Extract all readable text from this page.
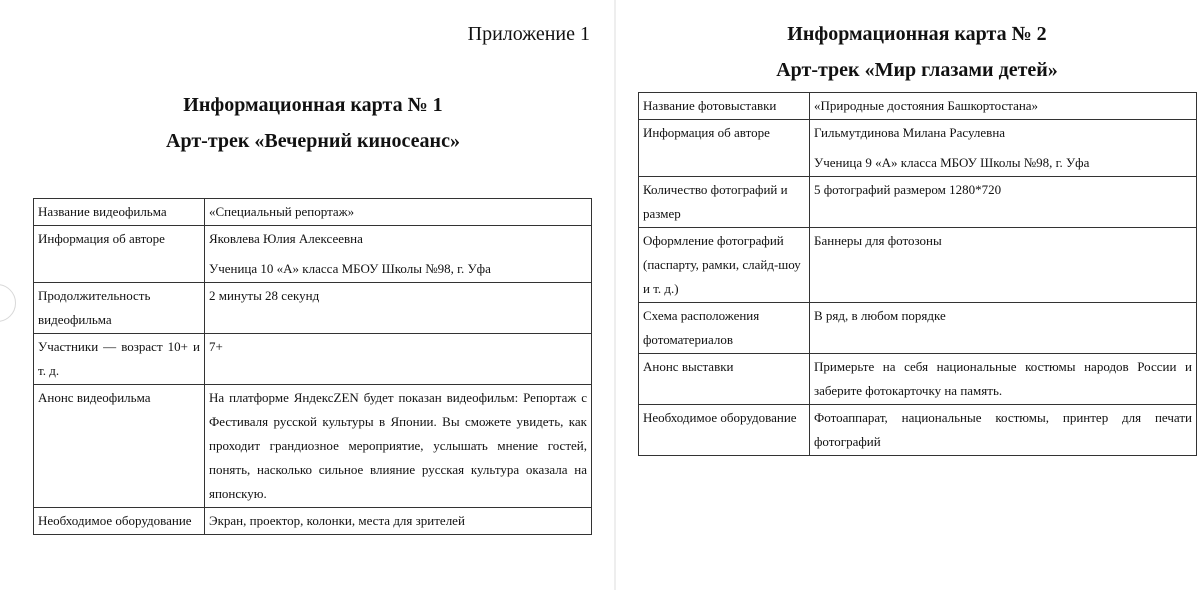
Приложение 1
Информационная карта № 1
Арт-трек «Вечерний киносеанс»
Название видеофильма	«Специальный репортаж»
Информация об авторе	Яковлева Юлия Алексеевна
Ученица 10 «А» класса МБОУ Школы №98, г. Уфа

Продолжительность видеофильма	2 минуты 28 секунд
Участники — возраст 10+ и т. д.	7+
Анонс видеофильма	На платформе ЯндексZEN будет показан видеофильм: Репортаж с Фестиваля русской культуры в Японии. Вы сможете увидеть, как проходит грандиозное мероприятие, услышать мнение гостей, понять, насколько сильное влияние русская культура оказала на японскую.
Необходимое оборудование	Экран, проектор, колонки, места для зрителей
Информационная карта № 2
Арт-трек «Мир глазами детей»
Название фотовыставки	«Природные достояния Башкортостана»
Информация об авторе	Гильмутдинова Милана Расулевна
Ученица 9 «А» класса МБОУ Школы №98, г. Уфа

Количество фотографий и размер	5 фотографий размером 1280*720
Оформление фотографий (паспарту, рамки, слайд-шоу и т. д.)	Баннеры для фотозоны
Схема расположения фотоматериалов	В ряд, в любом порядке
Анонс выставки	Примерьте на себя национальные костюмы народов России и заберите фотокарточку на память.
Необходимое оборудование	Фотоаппарат, национальные костюмы, принтер для печати фотографий
